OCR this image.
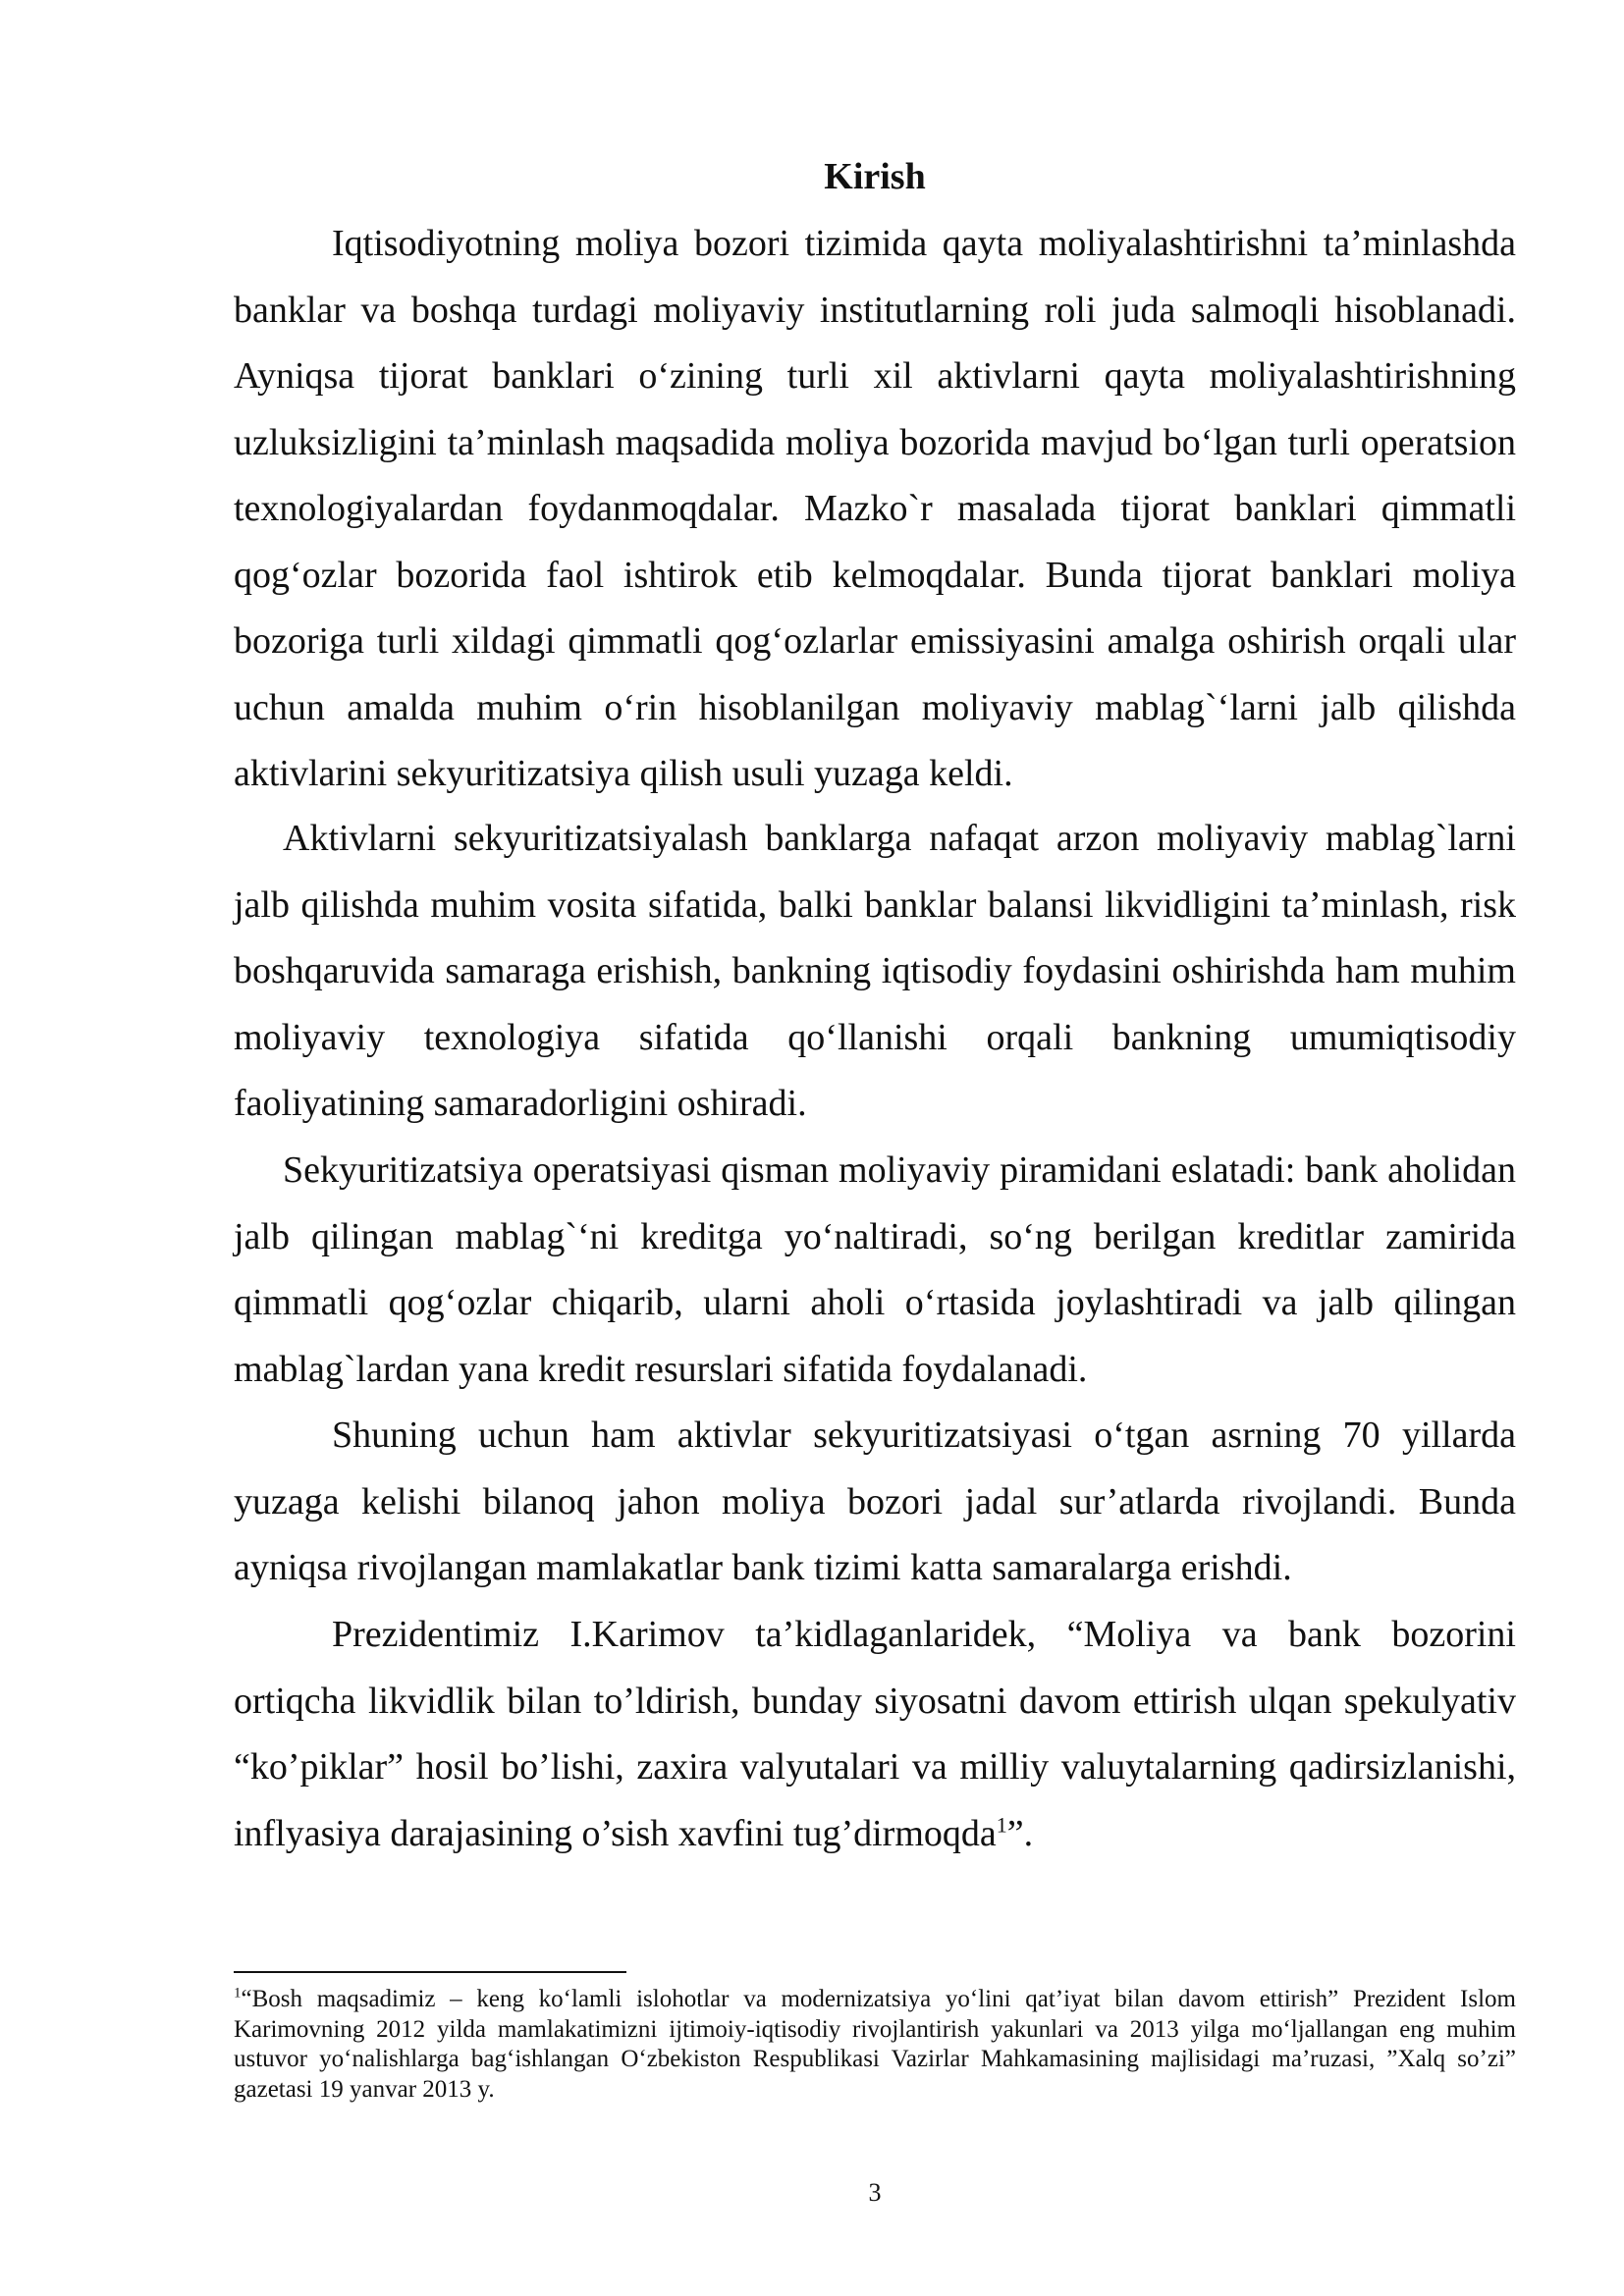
Kirish

Iqtisodiyotning moliya bozori tizimida qayta moliyalashtirishni ta’minlashda banklar va boshqa turdagi moliyaviy institutlarning roli juda salmoqli hisoblanadi. Ayniqsa tijorat banklari o‘zining turli xil aktivlarni qayta moliyalashtirishning uzluksizligini ta’minlash maqsadida moliya bozorida mavjud bo‘lgan turli operatsion texnologiyalardan foydanmoqdalar. Mazko`r masalada tijorat banklari qimmatli qog‘ozlar bozorida faol ishtirok etib kelmoqdalar. Bunda tijorat banklari moliya bozoriga turli xildagi qimmatli qog‘ozlarlar emissiyasini amalga oshirish orqali ular uchun amalda muhim o‘rin hisoblanilgan moliyaviy mablag`‘larni jalb qilishda aktivlarini sekyuritizatsiya qilish usuli yuzaga keldi.

Aktivlarni sekyuritizatsiyalash banklarga nafaqat arzon moliyaviy mablag`larni jalb qilishda muhim vosita sifatida, balki banklar balansi likvidligini ta’minlash, risk boshqaruvida samaraga erishish, bankning iqtisodiy foydasini oshirishda ham muhim moliyaviy texnologiya sifatida qo‘llanishi orqali bankning umumiqtisodiy faoliyatining samaradorligini oshiradi.

Sekyuritizatsiya operatsiyasi qisman moliyaviy piramidani eslatadi: bank aholidan jalb qilingan mablag`‘ni kreditga yo‘naltiradi, so‘ng berilgan kreditlar zamirida qimmatli qog‘ozlar chiqarib, ularni aholi o‘rtasida joylashtiradi va jalb qilingan mablag`lardan yana kredit resurslari sifatida foydalanadi.

Shuning uchun ham aktivlar sekyuritizatsiyasi o‘tgan asrning 70 yillarda yuzaga kelishi bilanoq jahon moliya bozori jadal sur’atlarda rivojlandi. Bunda ayniqsa rivojlangan mamlakatlar bank tizimi katta samaralarga erishdi.

Prezidentimiz I.Karimov ta’kidlaganlaridek, “Moliya va bank bozorini ortiqcha likvidlik bilan to’ldirish, bunday siyosatni davom ettirish ulqan spekulyativ “ko’piklar” hosil bo’lishi, zaxira valyutalari va milliy valuytalarning qadirsizlanishi, inflyasiya darajasining o’sish xavfini tug’dirmoqda$^1$”.

$^1$“Bosh maqsadimiz – keng ko‘lamli islohotlar va modernizatsiya yo‘lini qat’iyat bilan davom ettirish” Prezident Islom Karimovning 2012 yilda mamlakatimizni ijtimoiy-iqtisodiy rivojlantirish yakunlari va 2013 yilga mo‘ljallangan eng muhim ustuvor yo‘nalishlarga bag‘ishlangan O‘zbekiston Respublikasi Vazirlar Mahkamasining majlisidagi ma’ruzasi, ”Xalq so’zi” gazetasi 19 yanvar 2013 y.

3
